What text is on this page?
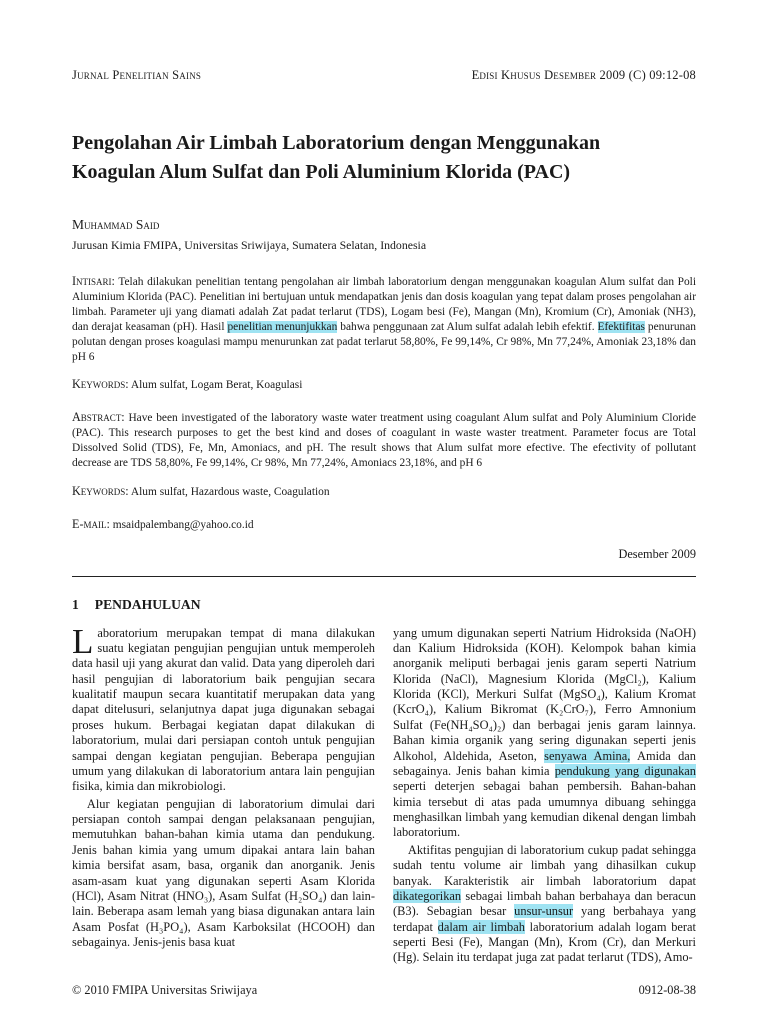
Jurnal Penelitian Sains	Edisi Khusus Desember 2009 (C) 09:12-08
Pengolahan Air Limbah Laboratorium dengan Menggunakan Koagulan Alum Sulfat dan Poli Aluminium Klorida (PAC)
Muhammad Said
Jurusan Kimia FMIPA, Universitas Sriwijaya, Sumatera Selatan, Indonesia

Intisari: Telah dilakukan penelitian tentang pengolahan air limbah laboratorium dengan menggunakan koagulan Alum sulfat dan Poli Aluminium Klorida (PAC). Penelitian ini bertujuan untuk mendapatkan jenis dan dosis koagulan yang tepat dalam proses pengolahan air limbah. Parameter uji yang diamati adalah Zat padat terlarut (TDS), Logam besi (Fe), Mangan (Mn), Kromium (Cr), Amoniak (NH3), dan derajat keasaman (pH). Hasil penelitian menunjukkan bahwa penggunaan zat Alum sulfat adalah lebih efektif. Efektifitas penurunan polutan dengan proses koagulasi mampu menurunkan zat padat terlarut 58,80%, Fe 99,14%, Cr 98%, Mn 77,24%, Amoniak 23,18% dan pH 6

Keywords: Alum sulfat, Logam Berat, Koagulasi

Abstract: Have been investigated of the laboratory waste water treatment using coagulant Alum sulfat and Poly Aluminium Cloride (PAC). This research purposes to get the best kind and doses of coagulant in waste waster treatment. Parameter focus are Total Dissolved Solid (TDS), Fe, Mn, Amoniacs, and pH. The result shows that Alum sulfat more efective. The efectivity of pollutant decrease are TDS 58,80%, Fe 99,14%, Cr 98%, Mn 77,24%, Amoniacs 23,18%, and pH 6

Keywords: Alum sulfat, Hazardous waste, Coagulation

E-mail: msaidpalembang@yahoo.co.id

Desember 2009
1 PENDAHULUAN

Laboratorium merupakan tempat di mana dilakukan suatu kegiatan pengujian pengujian untuk memperoleh data hasil uji yang akurat dan valid. Data yang diperoleh dari hasil pengujian di laboratorium baik pengujian secara kualitatif maupun secara kuantitatif merupakan data yang dapat ditelusuri, selanjutnya dapat juga digunakan sebagai proses hukum. Berbagai kegiatan dapat dilakukan di laboratorium, mulai dari persiapan contoh untuk pengujian sampai dengan kegiatan pengujian. Beberapa pengujian umum yang dilakukan di laboratorium antara lain pengujian fisika, kimia dan mikrobiologi.

Alur kegiatan pengujian di laboratorium dimulai dari persiapan contoh sampai dengan pelaksanaan pengujian, memutuhkan bahan-bahan kimia utama dan pendukung. Jenis bahan kimia yang umum dipakai antara lain bahan kimia bersifat asam, basa, organik dan anorganik. Jenis asam-asam kuat yang digunakan seperti Asam Klorida (HCl), Asam Nitrat (HNO₃), Asam Sulfat (H₂SO₄) dan lain-lain. Beberapa asam lemah yang biasa digunakan antara lain Asam Posfat (H₃PO₄), Asam Karboksilat (HCOOH) dan sebagainya. Jenis-jenis basa kuat

yang umum digunakan seperti Natrium Hidroksida (NaOH) dan Kalium Hidroksida (KOH). Kelompok bahan kimia anorganik meliputi berbagai jenis garam seperti Natrium Klorida (NaCl), Magnesium Klorida (MgCl₂), Kalium Klorida (KCl), Merkuri Sulfat (MgSO₄), Kalium Kromat (KcrO₄), Kalium Bikromat (K₂CrO₇), Ferro Amnonium Sulfat (Fe(NH₄SO₄)₂) dan berbagai jenis garam lainnya. Bahan kimia organik yang sering digunakan seperti jenis Alkohol, Aldehida, Aseton, senyawa Amina, Amida dan sebagainya. Jenis bahan kimia pendukung yang digunakan seperti deterjen sebagai bahan pembersih. Bahan-bahan kimia tersebut di atas pada umumnya dibuang sehingga menghasilkan limbah yang kemudian dikenal dengan limbah laboratorium.

Aktifitas pengujian di laboratorium cukup padat sehingga sudah tentu volume air limbah yang dihasilkan cukup banyak. Karakteristik air limbah laboratorium dapat dikategorikan sebagai limbah bahan berbahaya dan beracun (B3). Sebagian besar unsur-unsur yang berbahaya yang terdapat dalam air limbah laboratorium adalah logam berat seperti Besi (Fe), Mangan (Mn), Krom (Cr), dan Merkuri (Hg). Selain itu terdapat juga zat padat terlarut (TDS), Amo-

© 2010 FMIPA Universitas Sriwijaya	0912-08-38
